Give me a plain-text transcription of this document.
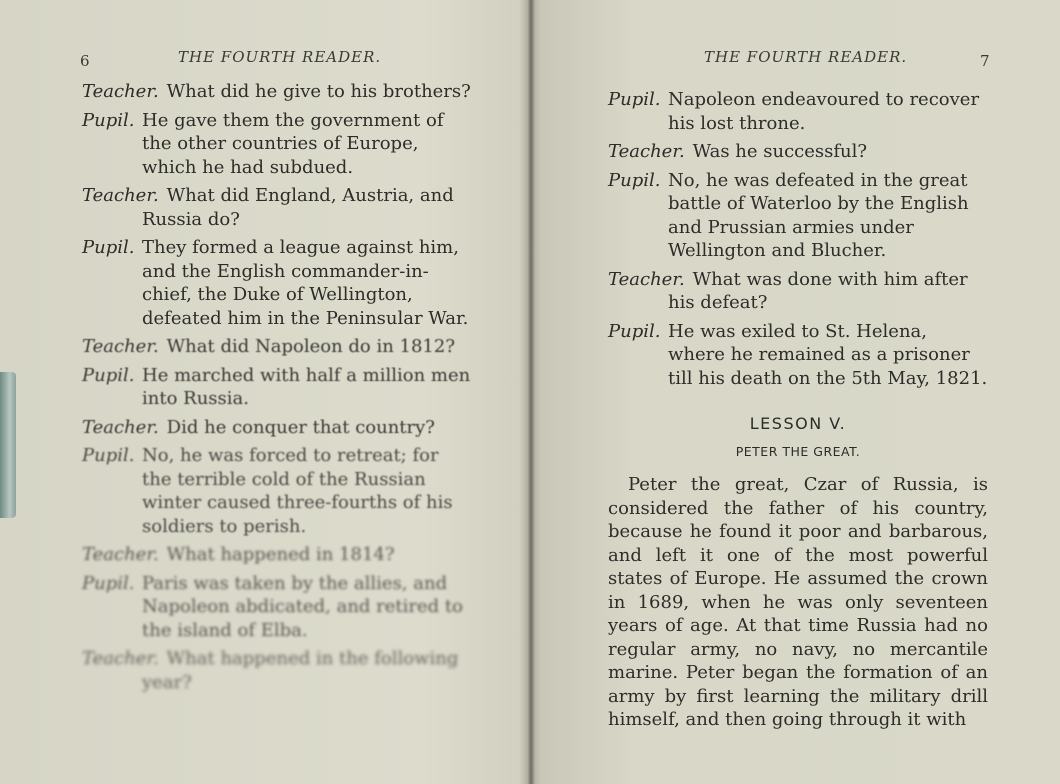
6	THE FOURTH READER.
Teacher. What did he give to his brothers?
Pupil. He gave them the government of the other countries of Europe, which he had subdued.
Teacher. What did England, Austria, and Russia do?
Pupil. They formed a league against him, and the English commander-in-chief, the Duke of Wellington, defeated him in the Peninsular War.
Teacher. What did Napoleon do in 1812?
Pupil. He marched with half a million men into Russia.
Teacher. Did he conquer that country?
Pupil. No, he was forced to retreat; for the terrible cold of the Russian winter caused three-fourths of his soldiers to perish.
Teacher. What happened in 1814?
Pupil. Paris was taken by the allies, and Napoleon abdicated, and retired to the island of Elba.
Teacher. What happened in the following year?
THE FOURTH READER.	7
Pupil. Napoleon endeavoured to recover his lost throne.
Teacher. Was he successful?
Pupil. No, he was defeated in the great battle of Waterloo by the English and Prussian armies under Wellington and Blucher.
Teacher. What was done with him after his defeat?
Pupil. He was exiled to St. Helena, where he remained as a prisoner till his death on the 5th May, 1821.
LESSON V.
PETER THE GREAT.
Peter the great, Czar of Russia, is considered the father of his country, because he found it poor and barbarous, and left it one of the most powerful states of Europe. He assumed the crown in 1689, when he was only seventeen years of age. At that time Russia had no regular army, no navy, no mercantile marine. Peter began the formation of an army by first learning the military drill himself, and then going through it with
